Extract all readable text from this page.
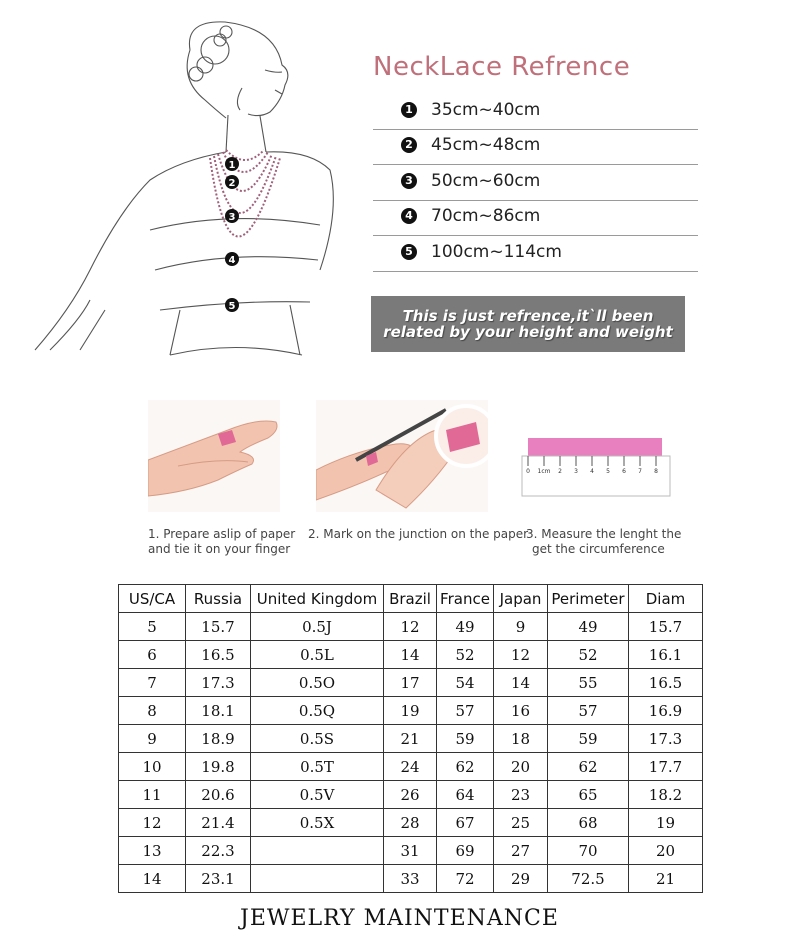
1
2
3
4
5
NeckLace Refrence
1 35cm~40cm
2 45cm~48cm
3 50cm~60cm
4 70cm~86cm
5 100cm~114cm
This is just refrence,it`ll been
related by your height and weight
0 1cm 2 3 4 5 6 7 8
1. Prepare aslip of paper
and tie it on your finger
2. Mark on the junction on the paper
3. Measure the lenght the
get the circumference
US/CA	Russia	United Kingdom	Brazil	France	Japan	Perimeter	Diam
5	15.7	0.5J	12	49	9	49	15.7
6	16.5	0.5L	14	52	12	52	16.1
7	17.3	0.5O	17	54	14	55	16.5
8	18.1	0.5Q	19	57	16	57	16.9
9	18.9	0.5S	21	59	18	59	17.3
10	19.8	0.5T	24	62	20	62	17.7
11	20.6	0.5V	26	64	23	65	18.2
12	21.4	0.5X	28	67	25	68	19
13	22.3		31	69	27	70	20
14	23.1		33	72	29	72.5	21
JEWELRY MAINTENANCE
